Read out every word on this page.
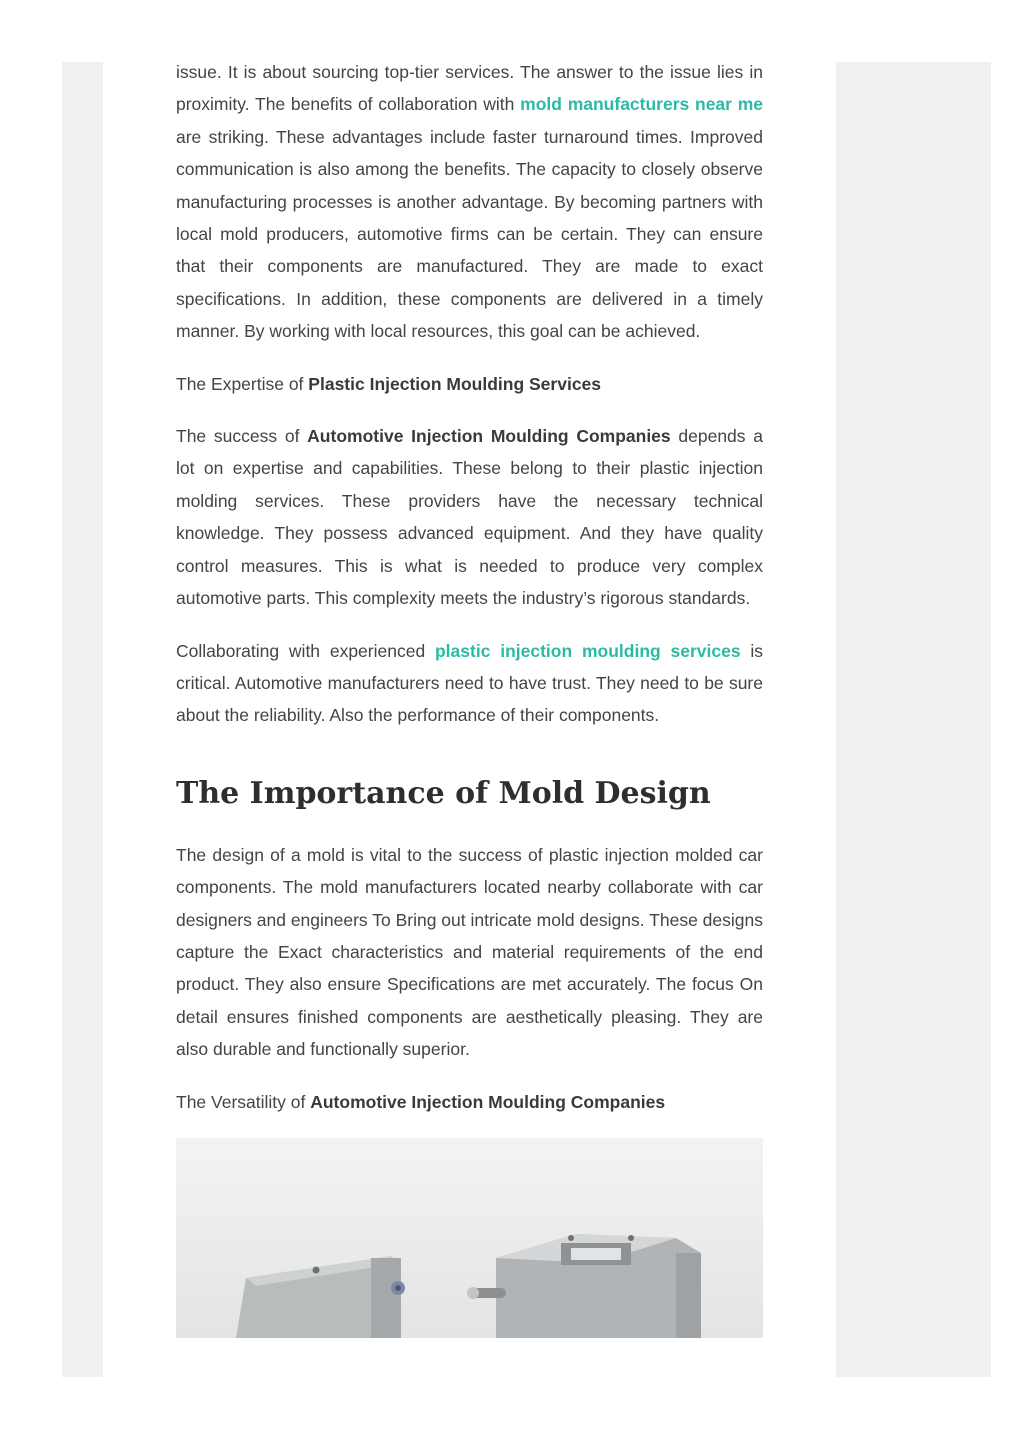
issue. It is about sourcing top-tier services. The answer to the issue lies in proximity. The benefits of collaboration with mold manufacturers near me are striking. These advantages include faster turnaround times. Improved communication is also among the benefits. The capacity to closely observe manufacturing processes is another advantage. By becoming partners with local mold producers, automotive firms can be certain. They can ensure that their components are manufactured. They are made to exact specifications. In addition, these components are delivered in a timely manner. By working with local resources, this goal can be achieved.

The Expertise of Plastic Injection Moulding Services

The success of Automotive Injection Moulding Companies depends a lot on expertise and capabilities. These belong to their plastic injection molding services. These providers have the necessary technical knowledge. They possess advanced equipment. And they have quality control measures. This is what is needed to produce very complex automotive parts. This complexity meets the industry’s rigorous standards.

Collaborating with experienced plastic injection moulding services is critical. Automotive manufacturers need to have trust. They need to be sure about the reliability. Also the performance of their components.

The Importance of Mold Design

The design of a mold is vital to the success of plastic injection molded car components. The mold manufacturers located nearby collaborate with car designers and engineers To Bring out intricate mold designs. These designs capture the Exact characteristics and material requirements of the end product. They also ensure Specifications are met accurately. The focus On detail ensures finished components are aesthetically pleasing. They are also durable and functionally superior.

The Versatility of Automotive Injection Moulding Companies
